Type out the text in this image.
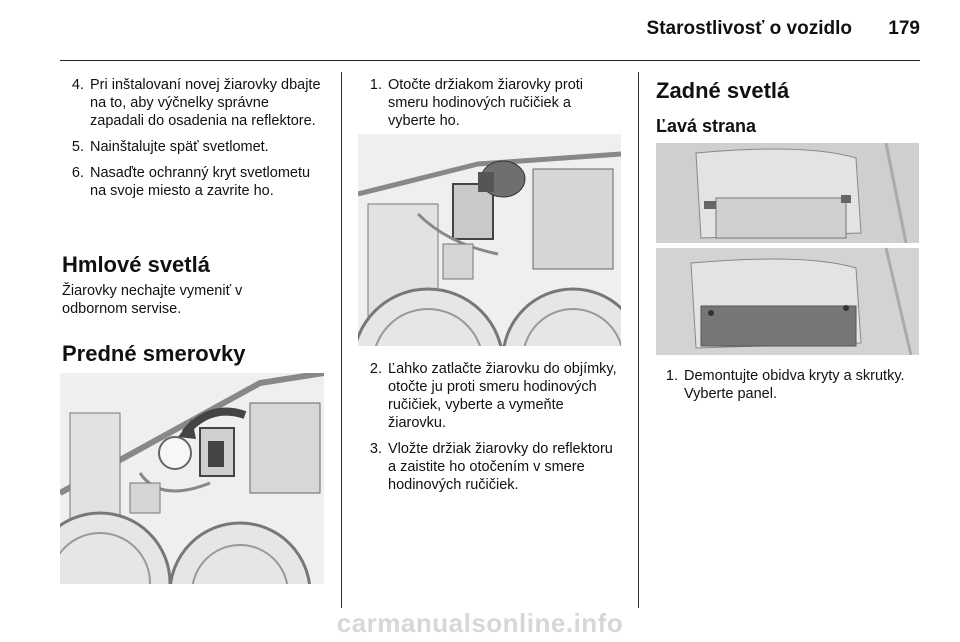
Starostlivosť o vozidlo 179
4. Pri inštalovaní novej žiarovky dbajte na to, aby výčnelky správne zapadali do osadenia na reflektore.
5. Nainštalujte späť svetlomet.
6. Nasaďte ochranný kryt svetlometu na svoje miesto a zavrite ho.
Hmlové svetlá
Žiarovky nechajte vymeniť v odbornom servise.
Predné smerovky
1. Otočte držiakom žiarovky proti smeru hodinových ručičiek a vyberte ho.
2. Ľahko zatlačte žiarovku do objímky, otočte ju proti smeru hodinových ručičiek, vyberte a vymeňte žiarovku.
3. Vložte držiak žiarovky do reflektoru a zaistite ho otočením v smere hodinových ručičiek.
Zadné svetlá
Ľavá strana
1. Demontujte obidva kryty a skrutky. Vyberte panel.
carmanualsonline.info
